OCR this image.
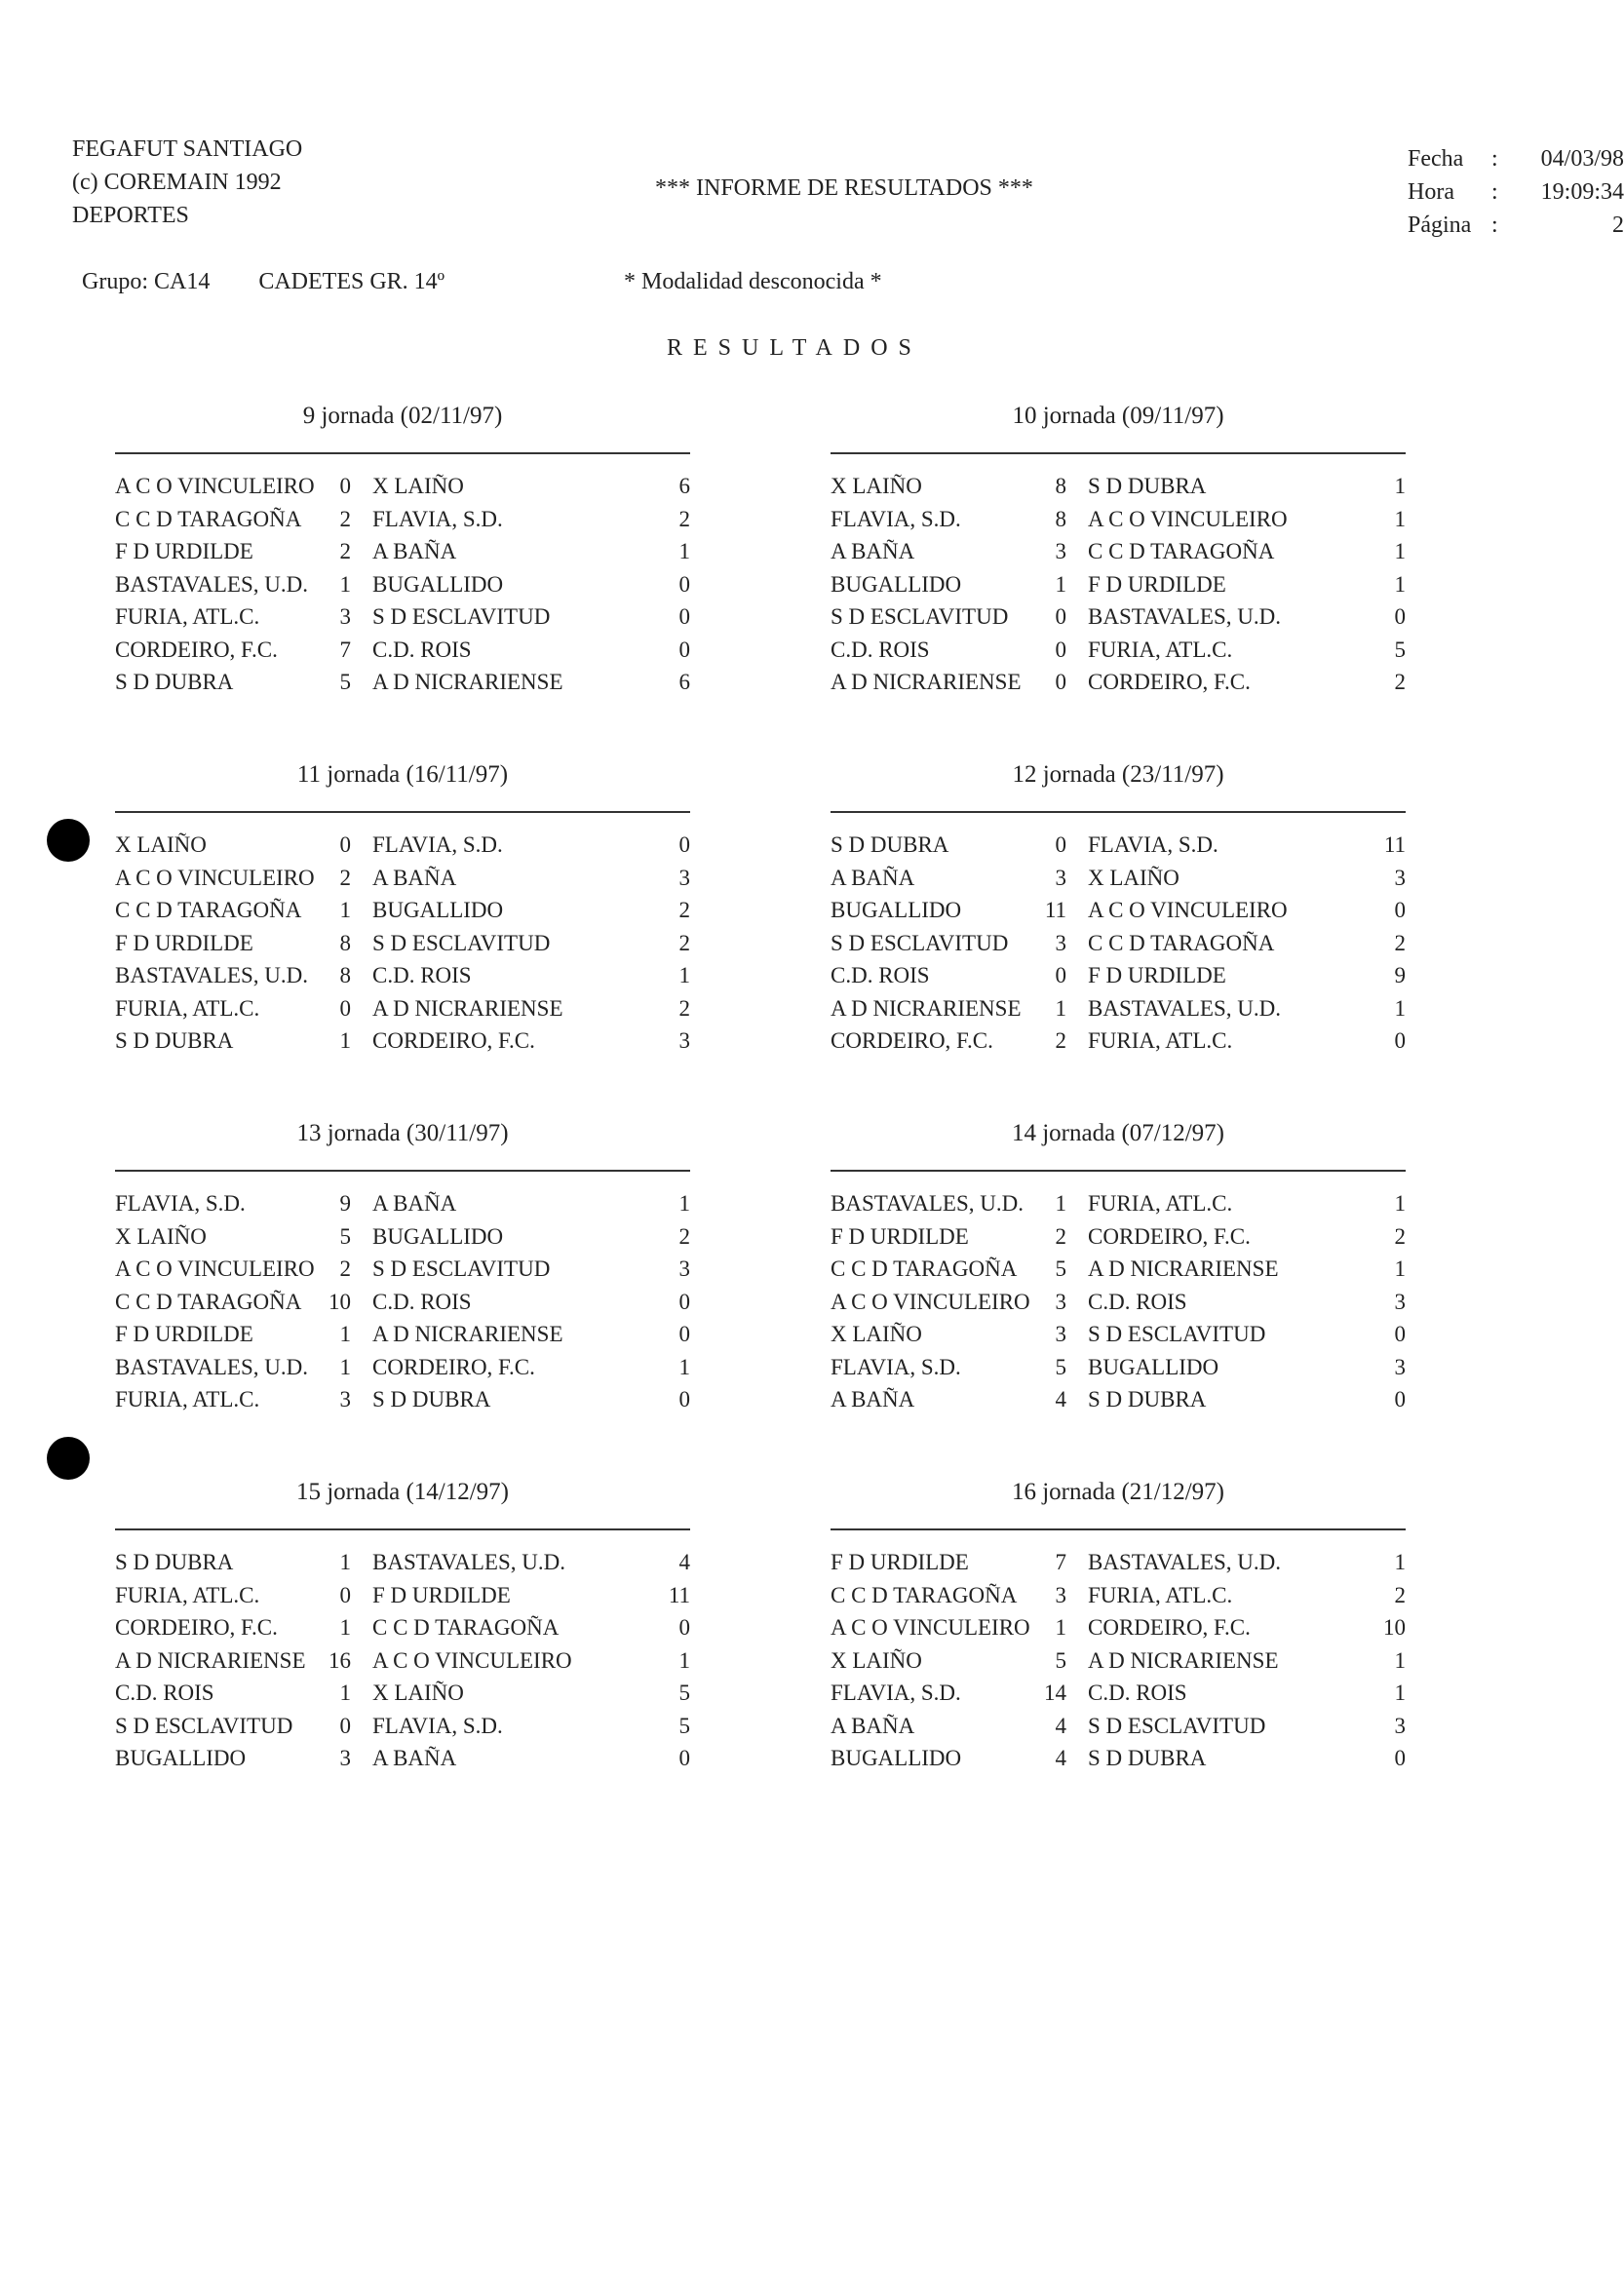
FEGAFUT SANTIAGO
(c) COREMAIN 1992
DEPORTES
*** INFORME DE RESULTADOS ***
Fecha	:	04/03/98
Hora	:	19:09:34
Página :	2
Grupo: CA14 CADETES GR. 14º	* Modalidad desconocida *
RESULTADOS
9 jornada (02/11/97)
A C O VINCULEIRO	0 X LAIÑO	6
C C D TARAGOÑA	2 FLAVIA, S.D.	2
F D URDILDE	2 A BAÑA	1
BASTAVALES, U.D.	1 BUGALLIDO	0
FURIA, ATL.C.	3 S D ESCLAVITUD	0
CORDEIRO, F.C.	7 C.D. ROIS	0
S D DUBRA	5 A D NICRARIENSE	6
10 jornada (09/11/97)
X LAIÑO	8 S D DUBRA	1
FLAVIA, S.D.	8 A C O VINCULEIRO	1
A BAÑA	3 C C D TARAGOÑA	1
BUGALLIDO	1 F D URDILDE	1
S D ESCLAVITUD	0 BASTAVALES, U.D.	0
C.D. ROIS	0 FURIA, ATL.C.	5
A D NICRARIENSE	0 CORDEIRO, F.C.	2
11 jornada (16/11/97)
X LAIÑO	0 FLAVIA, S.D.	0
A C O VINCULEIRO	2 A BAÑA	3
C C D TARAGOÑA	1 BUGALLIDO	2
F D URDILDE	8 S D ESCLAVITUD	2
BASTAVALES, U.D.	8 C.D. ROIS	1
FURIA, ATL.C.	0 A D NICRARIENSE	2
S D DUBRA	1 CORDEIRO, F.C.	3
12 jornada (23/11/97)
S D DUBRA	0 FLAVIA, S.D.	11
A BAÑA	3 X LAIÑO	3
BUGALLIDO	11 A C O VINCULEIRO	0
S D ESCLAVITUD	3 C C D TARAGOÑA	2
C.D. ROIS	0 F D URDILDE	9
A D NICRARIENSE	1 BASTAVALES, U.D.	1
CORDEIRO, F.C.	2 FURIA, ATL.C.	0
13 jornada (30/11/97)
FLAVIA, S.D.	9 A BAÑA	1
X LAIÑO	5 BUGALLIDO	2
A C O VINCULEIRO	2 S D ESCLAVITUD	3
C C D TARAGOÑA	10 C.D. ROIS	0
F D URDILDE	1 A D NICRARIENSE	0
BASTAVALES, U.D.	1 CORDEIRO, F.C.	1
FURIA, ATL.C.	3 S D DUBRA	0
14 jornada (07/12/97)
BASTAVALES, U.D.	1 FURIA, ATL.C.	1
F D URDILDE	2 CORDEIRO, F.C.	2
C C D TARAGOÑA	5 A D NICRARIENSE	1
A C O VINCULEIRO	3 C.D. ROIS	3
X LAIÑO	3 S D ESCLAVITUD	0
FLAVIA, S.D.	5 BUGALLIDO	3
A BAÑA	4 S D DUBRA	0
15 jornada (14/12/97)
S D DUBRA	1 BASTAVALES, U.D.	4
FURIA, ATL.C.	0 F D URDILDE	11
CORDEIRO, F.C.	1 C C D TARAGOÑA	0
A D NICRARIENSE	16 A C O VINCULEIRO	1
C.D. ROIS	1 X LAIÑO	5
S D ESCLAVITUD	0 FLAVIA, S.D.	5
BUGALLIDO	3 A BAÑA	0
16 jornada (21/12/97)
F D URDILDE	7 BASTAVALES, U.D.	1
C C D TARAGOÑA	3 FURIA, ATL.C.	2
A C O VINCULEIRO	1 CORDEIRO, F.C.	10
X LAIÑO	5 A D NICRARIENSE	1
FLAVIA, S.D.	14 C.D. ROIS	1
A BAÑA	4 S D ESCLAVITUD	3
BUGALLIDO	4 S D DUBRA	0
